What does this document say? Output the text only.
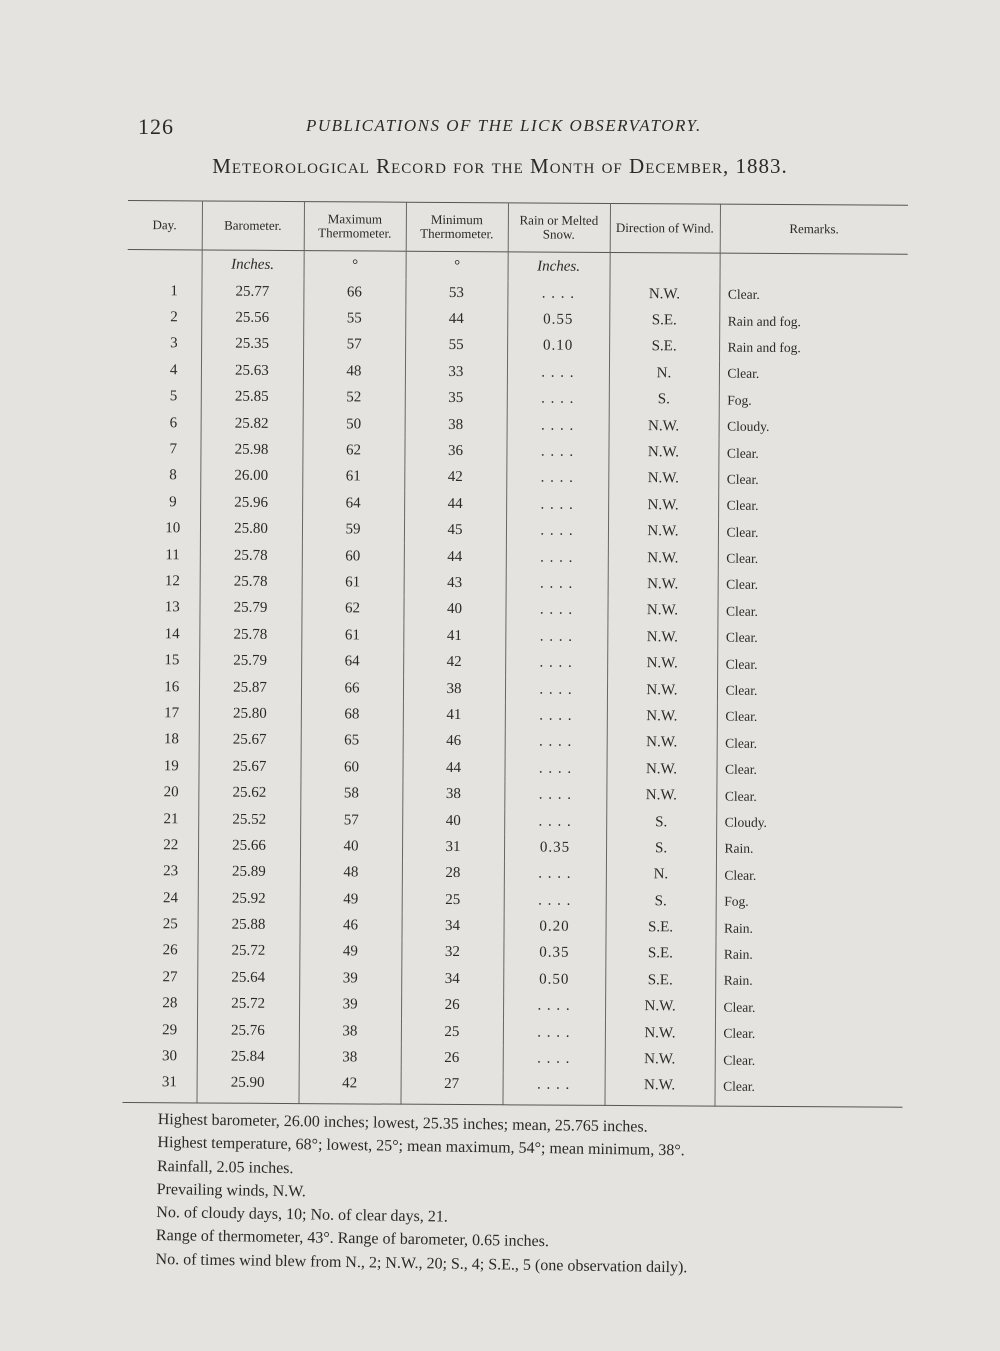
126	PUBLICATIONS OF THE LICK OBSERVATORY.
Meteorological Record for the Month of December, 1883.
Day.	Barometer.	Maximum Thermometer.	Minimum Thermometer.	Rain or Melted Snow.	Direction of Wind.	Remarks.
	Inches.	°	°	Inches.		
1	25.77	66	53	. . . .	N.W.	Clear.
2	25.56	55	44	0.55	S.E.	Rain and fog.
3	25.35	57	55	0.10	S.E.	Rain and fog.
4	25.63	48	33	. . . .	N.	Clear.
5	25.85	52	35	. . . .	S.	Fog.
6	25.82	50	38	. . . .	N.W.	Cloudy.
7	25.98	62	36	. . . .	N.W.	Clear.
8	26.00	61	42	. . . .	N.W.	Clear.
9	25.96	64	44	. . . .	N.W.	Clear.
10	25.80	59	45	. . . .	N.W.	Clear.
11	25.78	60	44	. . . .	N.W.	Clear.
12	25.78	61	43	. . . .	N.W.	Clear.
13	25.79	62	40	. . . .	N.W.	Clear.
14	25.78	61	41	. . . .	N.W.	Clear.
15	25.79	64	42	. . . .	N.W.	Clear.
16	25.87	66	38	. . . .	N.W.	Clear.
17	25.80	68	41	. . . .	N.W.	Clear.
18	25.67	65	46	. . . .	N.W.	Clear.
19	25.67	60	44	. . . .	N.W.	Clear.
20	25.62	58	38	. . . .	N.W.	Clear.
21	25.52	57	40	. . . .	S.	Cloudy.
22	25.66	40	31	0.35	S.	Rain.
23	25.89	48	28	. . . .	N.	Clear.
24	25.92	49	25	. . . .	S.	Fog.
25	25.88	46	34	0.20	S.E.	Rain.
26	25.72	49	32	0.35	S.E.	Rain.
27	25.64	39	34	0.50	S.E.	Rain.
28	25.72	39	26	. . . .	N.W.	Clear.
29	25.76	38	25	. . . .	N.W.	Clear.
30	25.84	38	26	. . . .	N.W.	Clear.
31	25.90	42	27	. . . .	N.W.	Clear.
Highest barometer, 26.00 inches; lowest, 25.35 inches; mean, 25.765 inches.
Highest temperature, 68°; lowest, 25°; mean maximum, 54°; mean minimum, 38°.
Rainfall, 2.05 inches.
Prevailing winds, N.W.
No. of cloudy days, 10; No. of clear days, 21.
Range of thermometer, 43°. Range of barometer, 0.65 inches.
No. of times wind blew from N., 2; N.W., 20; S., 4; S.E., 5 (one observation daily).
